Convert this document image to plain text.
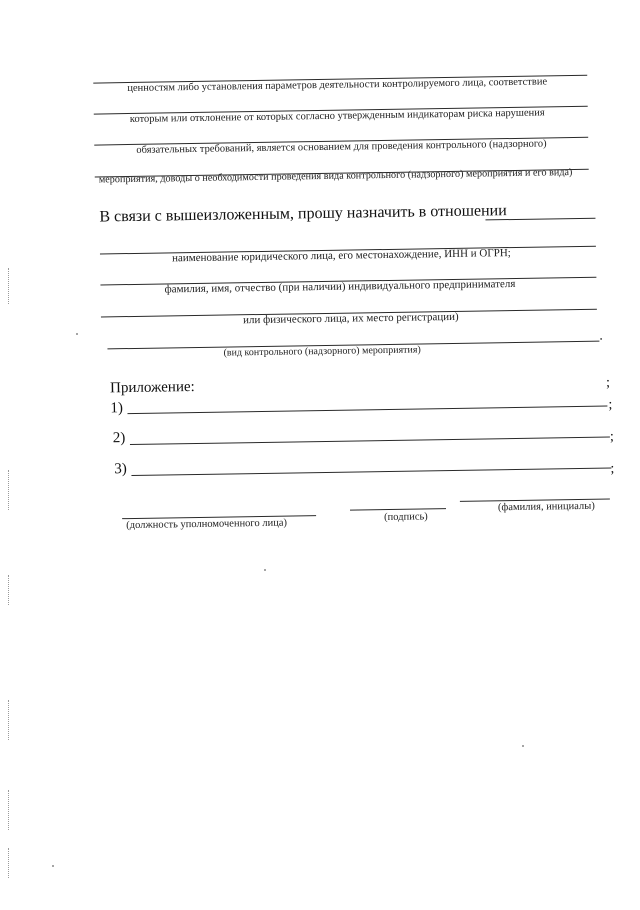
ценностям либо установления параметров деятельности контролируемого лица, соответствие
которым или отклонение от которых согласно утвержденным индикаторам риска нарушения
обязательных требований, является основанием для проведения контрольного (надзорного)
мероприятия, доводы о необходимости проведения вида контрольного (надзорного) мероприятия и его вида)
В связи с вышеизложенным, прошу назначить в отношении
наименование юридического лица, его местонахождение, ИНН и ОГРН;
фамилия, имя, отчество (при наличии) индивидуального предпринимателя
или физического лица, их место регистрации)
.
(вид контрольного (надзорного) мероприятия)
Приложение:	;
1)	;
2)	;
3)	;
(должность уполномоченного лица)
(подпись)
(фамилия, инициалы)
